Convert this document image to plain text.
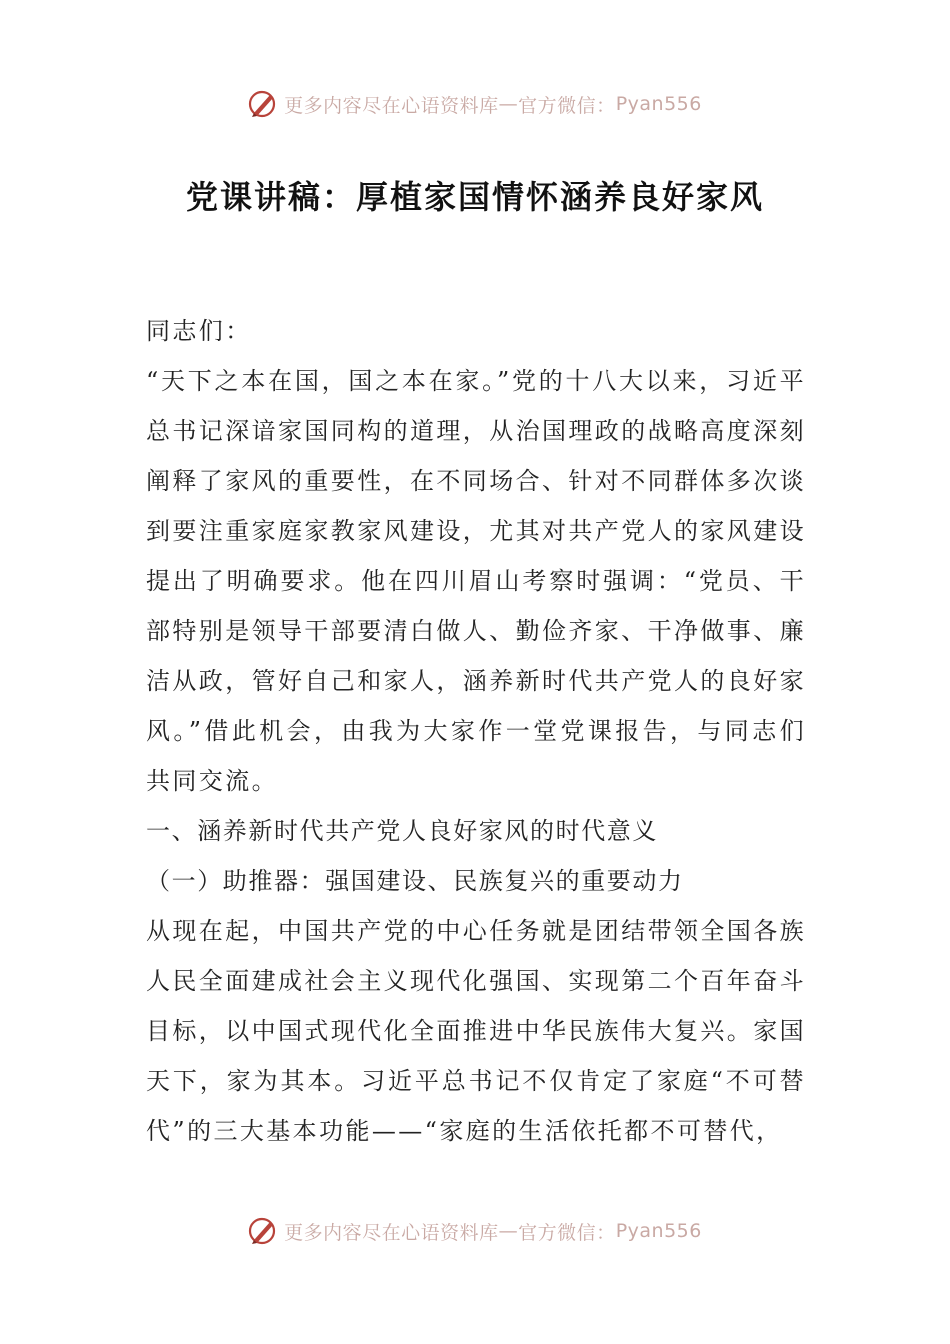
更多内容尽在心语资料库 — 官方微信： Pyan556
党课讲稿：厚植家国情怀涵养良好家风

同志们：

“天下之本在国，国之本在家。”党的十八大以来，习近平总书记深谙家国同构的道理，从治国理政的战略高度深刻阐释了家风的重要性，在不同场合、针对不同群体多次谈到要注重家庭家教家风建设，尤其对共产党人的家风建设提出了明确要求。他在四川眉山考察时强调：“党员、干部特别是领导干部要清白做人、勤俭齐家、干净做事、廉洁从政，管好自己和家人，涵养新时代共产党人的良好家风。”借此机会，由我为大家作一堂党课报告，与同志们共同交流。

一、涵养新时代共产党人良好家风的时代意义

（一）助推器：强国建设、民族复兴的重要动力

从现在起，中国共产党的中心任务就是团结带领全国各族人民全面建成社会主义现代化强国、实现第二个百年奋斗目标，以中国式现代化全面推进中华民族伟大复兴。家国天下，家为其本。习近平总书记不仅肯定了家庭“不可替代”的三大基本功能——“家庭的生活依托都不可替代，

更多内容尽在心语资料库 — 官方微信： Pyan556
